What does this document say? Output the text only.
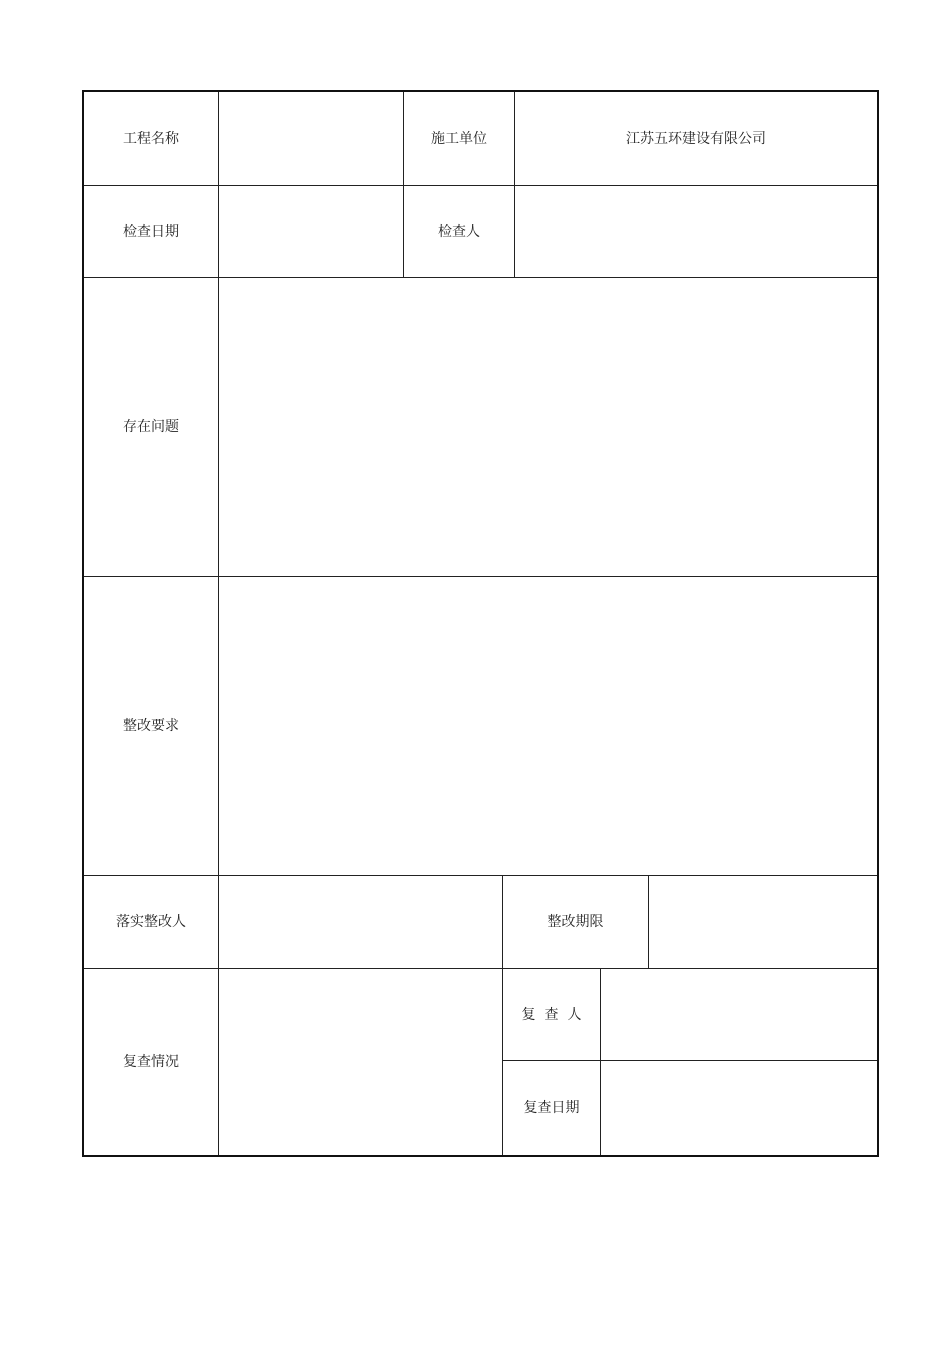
工程名称	施工单位	江苏五环建设有限公司
检查日期	检查人
存在问题
整改要求
落实整改人	整改期限
复查情况
复查人
复查日期
